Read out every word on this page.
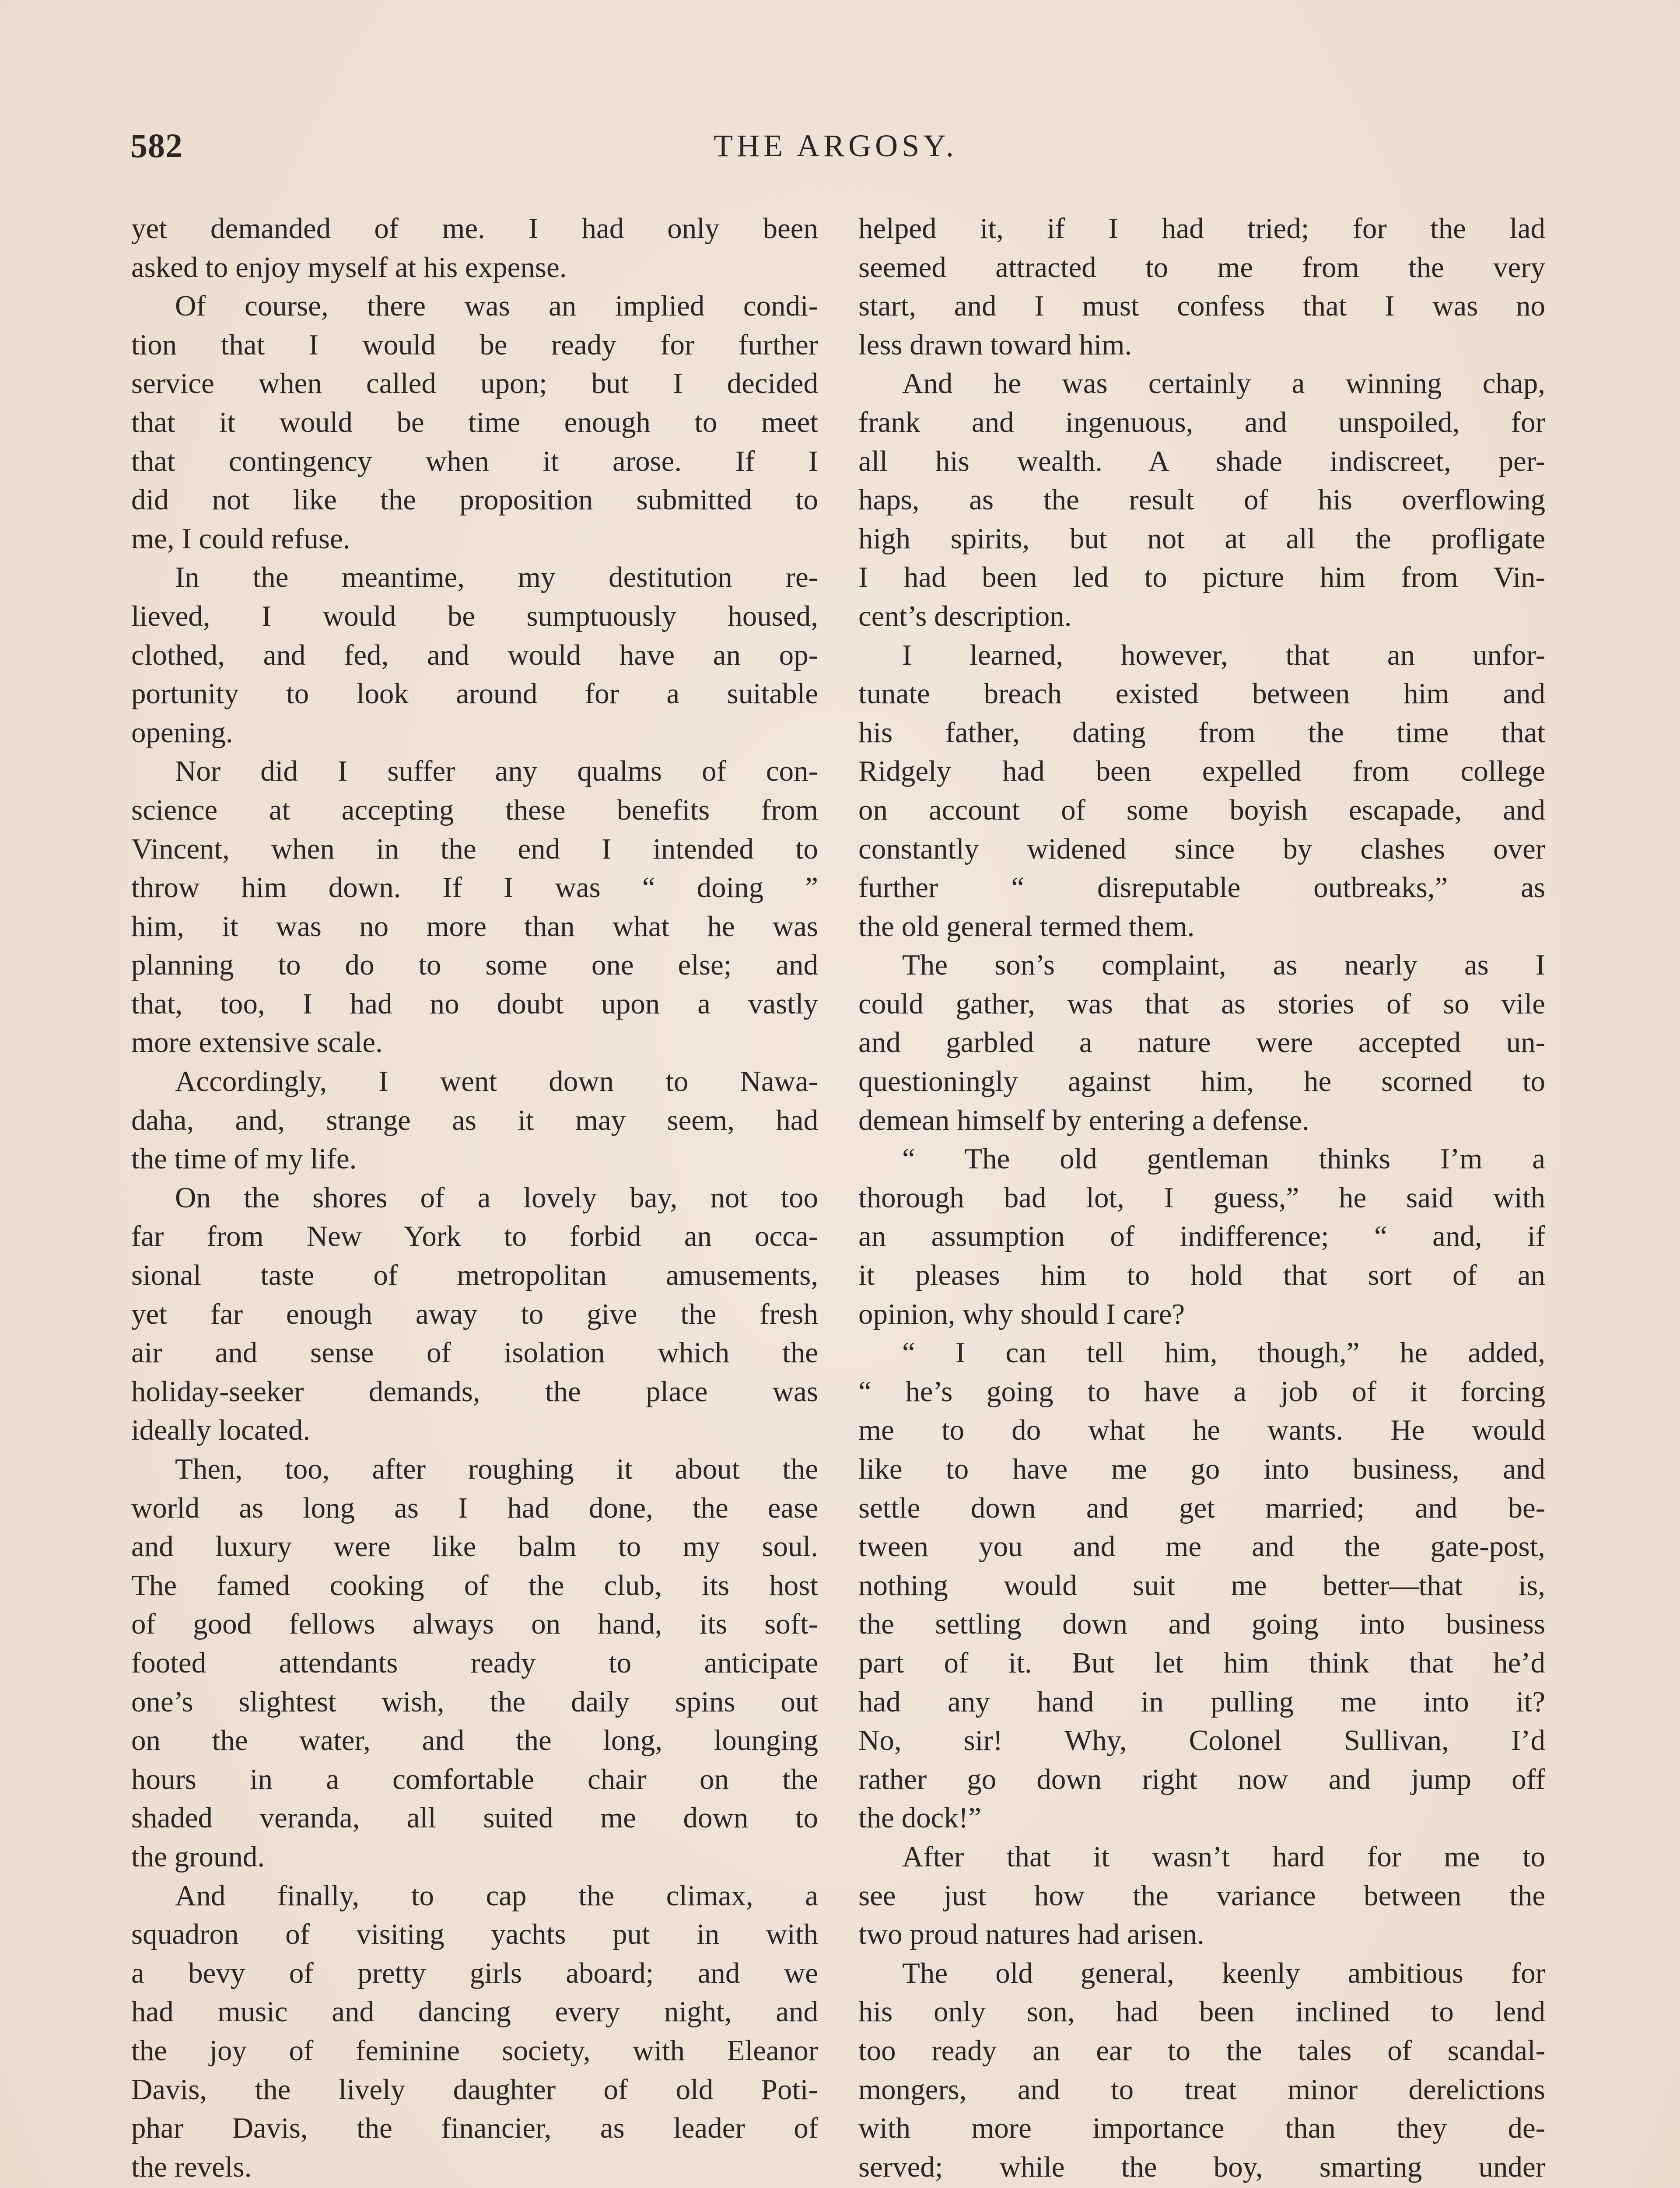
582	THE ARGOSY.
yet demanded of me. I had only been
asked to enjoy myself at his expense.
Of course, there was an implied condi-
tion that I would be ready for further
service when called upon; but I decided
that it would be time enough to meet
that contingency when it arose. If I
did not like the proposition submitted to
me, I could refuse.
In the meantime, my destitution re-
lieved, I would be sumptuously housed,
clothed, and fed, and would have an op-
portunity to look around for a suitable
opening.
Nor did I suffer any qualms of con-
science at accepting these benefits from
Vincent, when in the end I intended to
throw him down. If I was “ doing ”
him, it was no more than what he was
planning to do to some one else; and
that, too, I had no doubt upon a vastly
more extensive scale.
Accordingly, I went down to Nawa-
daha, and, strange as it may seem, had
the time of my life.
On the shores of a lovely bay, not too
far from New York to forbid an occa-
sional taste of metropolitan amusements,
yet far enough away to give the fresh
air and sense of isolation which the
holiday-seeker demands, the place was
ideally located.
Then, too, after roughing it about the
world as long as I had done, the ease
and luxury were like balm to my soul.
The famed cooking of the club, its host
of good fellows always on hand, its soft-
footed attendants ready to anticipate
one’s slightest wish, the daily spins out
on the water, and the long, lounging
hours in a comfortable chair on the
shaded veranda, all suited me down to
the ground.
And finally, to cap the climax, a
squadron of visiting yachts put in with
a bevy of pretty girls aboard; and we
had music and dancing every night, and
the joy of feminine society, with Eleanor
Davis, the lively daughter of old Poti-
phar Davis, the financier, as leader of
the revels.
helped it, if I had tried; for the lad
seemed attracted to me from the very
start, and I must confess that I was no
less drawn toward him.
And he was certainly a winning chap,
frank and ingenuous, and unspoiled, for
all his wealth. A shade indiscreet, per-
haps, as the result of his overflowing
high spirits, but not at all the profligate
I had been led to picture him from Vin-
cent’s description.
I learned, however, that an unfor-
tunate breach existed between him and
his father, dating from the time that
Ridgely had been expelled from college
on account of some boyish escapade, and
constantly widened since by clashes over
further “ disreputable outbreaks,” as
the old general termed them.
The son’s complaint, as nearly as I
could gather, was that as stories of so vile
and garbled a nature were accepted un-
questioningly against him, he scorned to
demean himself by entering a defense.
“ The old gentleman thinks I’m a
thorough bad lot, I guess,” he said with
an assumption of indifference; “ and, if
it pleases him to hold that sort of an
opinion, why should I care?
“ I can tell him, though,” he added,
“ he’s going to have a job of it forcing
me to do what he wants. He would
like to have me go into business, and
settle down and get married; and be-
tween you and me and the gate-post,
nothing would suit me better—that is,
the settling down and going into business
part of it. But let him think that he’d
had any hand in pulling me into it?
No, sir! Why, Colonel Sullivan, I’d
rather go down right now and jump off
the dock!”
After that it wasn’t hard for me to
see just how the variance between the
two proud natures had arisen.
The old general, keenly ambitious for
his only son, had been inclined to lend
too ready an ear to the tales of scandal-
mongers, and to treat minor derelictions
with more importance than they de-
served; while the boy, smarting under
